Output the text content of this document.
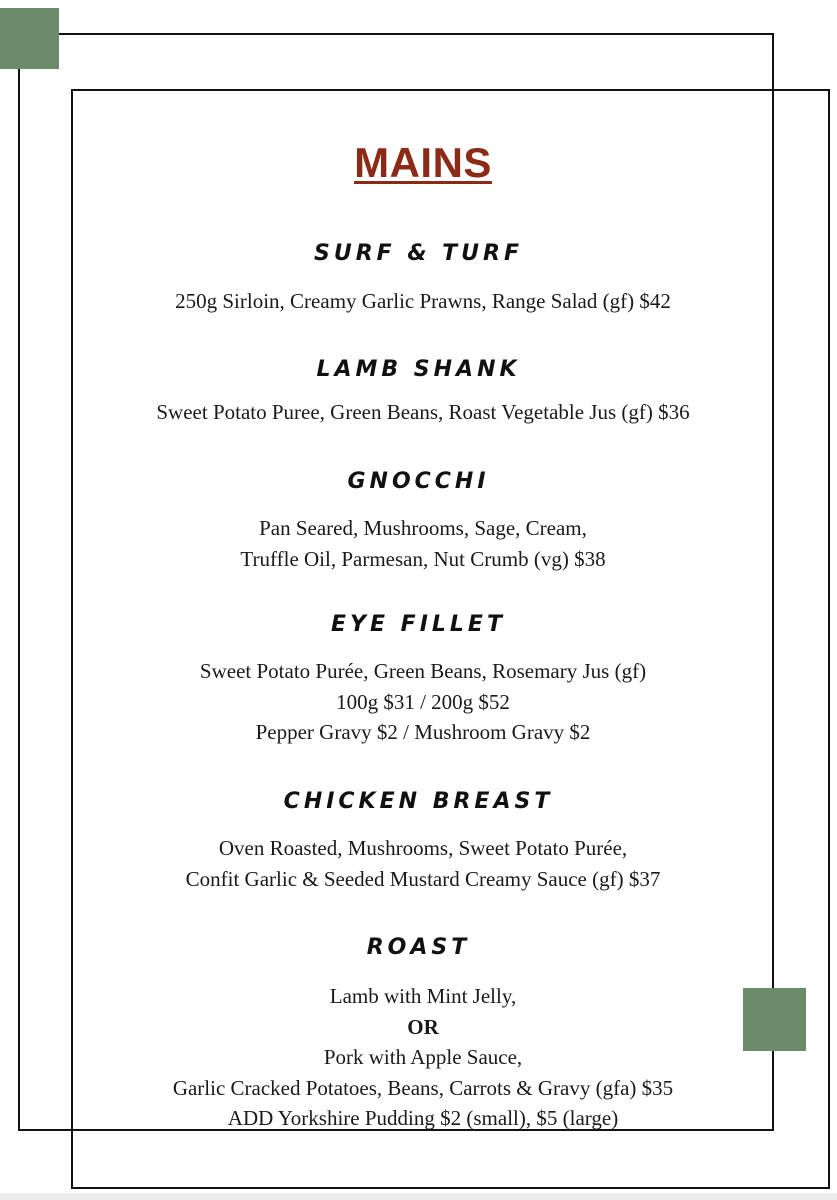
MAINS
SURF & TURF
250g Sirloin, Creamy Garlic Prawns, Range Salad (gf) $42
LAMB SHANK
Sweet Potato Puree, Green Beans, Roast Vegetable Jus (gf) $36
GNOCCHI
Pan Seared, Mushrooms, Sage, Cream,
Truffle Oil, Parmesan, Nut Crumb (vg) $38
EYE FILLET
Sweet Potato Purée, Green Beans, Rosemary Jus (gf)
100g $31 / 200g $52
Pepper Gravy $2 / Mushroom Gravy $2
CHICKEN BREAST
Oven Roasted, Mushrooms, Sweet Potato Purée,
Confit Garlic & Seeded Mustard Creamy Sauce (gf) $37
ROAST
Lamb with Mint Jelly,
OR
Pork with Apple Sauce,
Garlic Cracked Potatoes, Beans, Carrots & Gravy (gfa) $35
ADD Yorkshire Pudding $2 (small), $5 (large)
